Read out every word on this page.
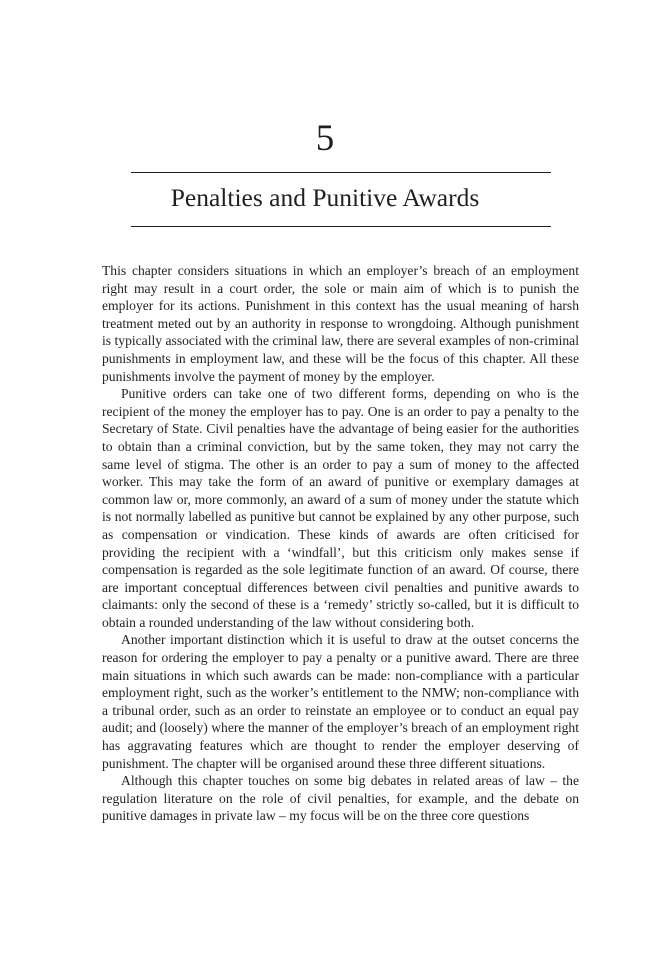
5
Penalties and Punitive Awards

This chapter considers situations in which an employer’s breach of an employment right may result in a court order, the sole or main aim of which is to punish the employer for its actions. Punishment in this context has the usual meaning of harsh treatment meted out by an authority in response to wrongdoing. Although punishment is typically associated with the criminal law, there are several examples of non-criminal punishments in employment law, and these will be the focus of this chapter. All these punishments involve the payment of money by the employer.

Punitive orders can take one of two different forms, depending on who is the recipient of the money the employer has to pay. One is an order to pay a penalty to the Secretary of State. Civil penalties have the advantage of being easier for the authorities to obtain than a criminal conviction, but by the same token, they may not carry the same level of stigma. The other is an order to pay a sum of money to the affected worker. This may take the form of an award of punitive or exemplary damages at common law or, more commonly, an award of a sum of money under the statute which is not normally labelled as punitive but cannot be explained by any other purpose, such as compensation or vindication. These kinds of awards are often criticised for providing the recipient with a ‘windfall’, but this criticism only makes sense if compensation is regarded as the sole legitimate function of an award. Of course, there are important conceptual differences between civil penalties and punitive awards to claimants: only the second of these is a ‘remedy’ strictly so-called, but it is difficult to obtain a rounded understanding of the law without considering both.

Another important distinction which it is useful to draw at the outset concerns the reason for ordering the employer to pay a penalty or a punitive award. There are three main situations in which such awards can be made: non-compliance with a particular employment right, such as the worker’s entitlement to the NMW; non-compliance with a tribunal order, such as an order to reinstate an employee or to conduct an equal pay audit; and (loosely) where the manner of the employer’s breach of an employment right has aggravating features which are thought to render the employer deserving of punishment. The chapter will be organised around these three different situations.

Although this chapter touches on some big debates in related areas of law – the regulation literature on the role of civil penalties, for example, and the debate on punitive damages in private law – my focus will be on the three core questions
